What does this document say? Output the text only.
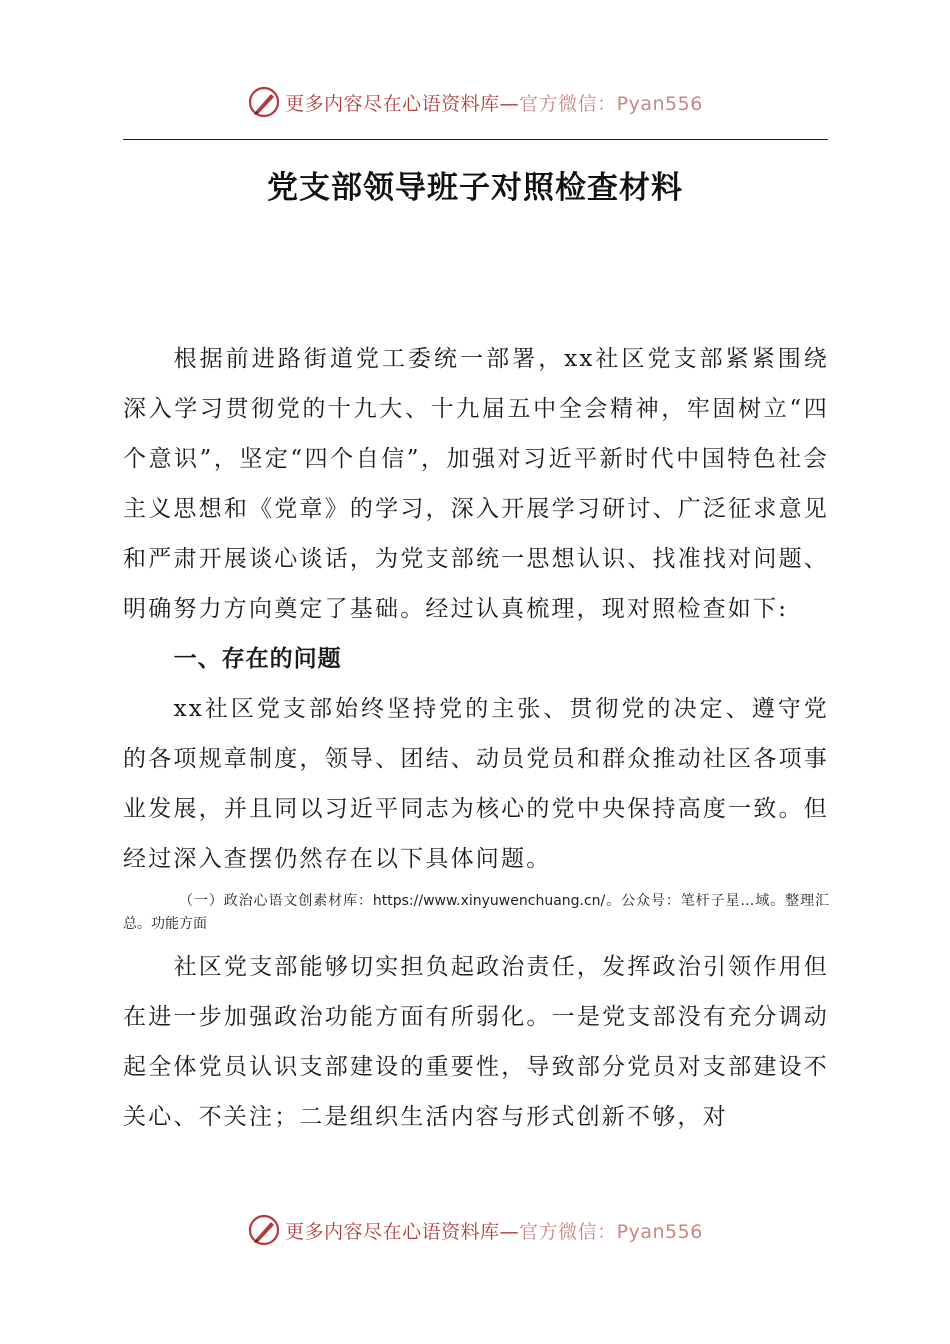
更多内容尽在心语资料库—官方微信：Pyan556
党支部领导班子对照检查材料

根据前进路街道党工委统一部署，xx社区党支部紧紧围绕深入学习贯彻党的十九大、十九届五中全会精神，牢固树立“四个意识”，坚定“四个自信”，加强对习近平新时代中国特色社会主义思想和《党章》的学习，深入开展学习研讨、广泛征求意见和严肃开展谈心谈话，为党支部统一思想认识、找准找对问题、明确努力方向奠定了基础。经过认真梳理，现对照检查如下:

一、存在的问题

xx社区党支部始终坚持党的主张、贯彻党的决定、遵守党的各项规章制度，领导、团结、动员党员和群众推动社区各项事业发展，并且同以习近平同志为核心的党中央保持高度一致。但经过深入查摆仍然存在以下具体问题。

（一）政治心语文创素材库：https://www.xinyuwenchuang.cn/。公众号：笔杆子星…域。整理汇总。功能方面

社区党支部能够切实担负起政治责任，发挥政治引领作用但在进一步加强政治功能方面有所弱化。一是党支部没有充分调动起全体党员认识支部建设的重要性，导致部分党员对支部建设不关心、不关注；二是组织生活内容与形式创新不够，对

更多内容尽在心语资料库—官方微信：Pyan556
